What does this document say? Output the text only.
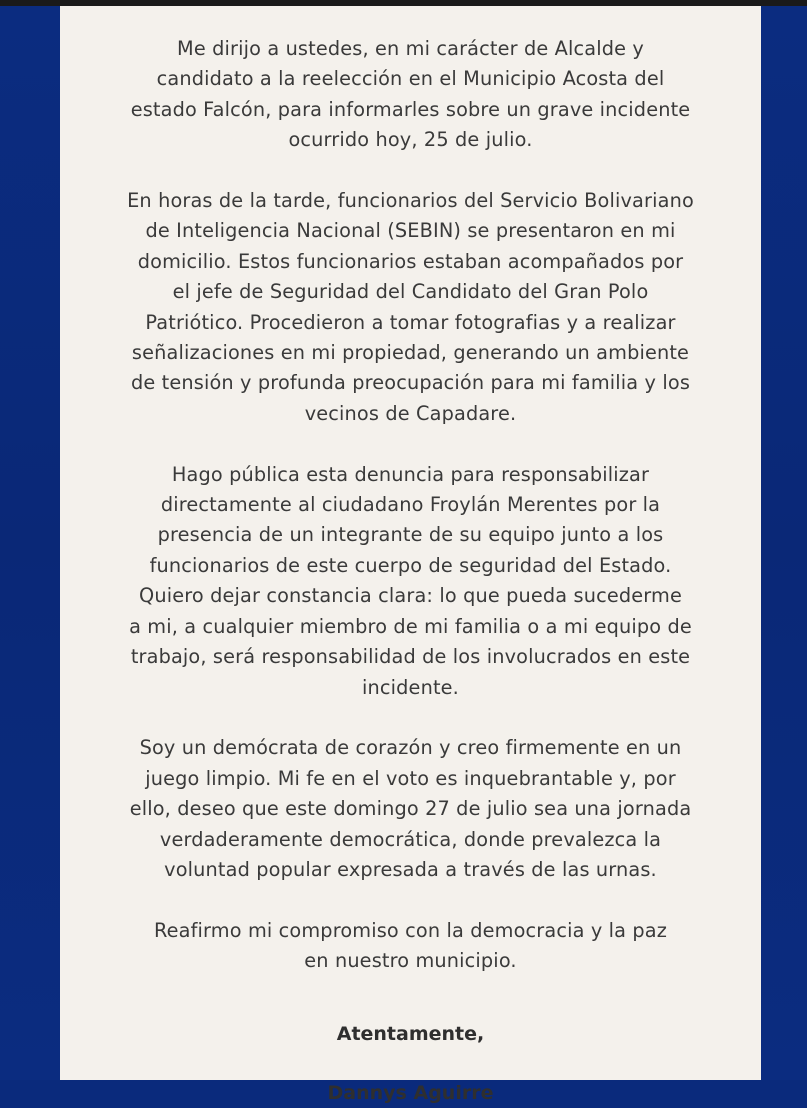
Me dirijo a ustedes, en mi carácter de Alcalde y
candidato a la reelección en el Municipio Acosta del
estado Falcón, para informarles sobre un grave incidente
ocurrido hoy, 25 de julio.

En horas de la tarde, funcionarios del Servicio Bolivariano
de Inteligencia Nacional (SEBIN) se presentaron en mi
domicilio. Estos funcionarios estaban acompañados por
el jefe de Seguridad del Candidato del Gran Polo
Patriótico. Procedieron a tomar fotografias y a realizar
señalizaciones en mi propiedad, generando un ambiente
de tensión y profunda preocupación para mi familia y los
vecinos de Capadare.

Hago pública esta denuncia para responsabilizar
directamente al ciudadano Froylán Merentes por la
presencia de un integrante de su equipo junto a los
funcionarios de este cuerpo de seguridad del Estado.
Quiero dejar constancia clara: lo que pueda sucederme
a mi, a cualquier miembro de mi familia o a mi equipo de
trabajo, será responsabilidad de los involucrados en este
incidente.

Soy un demócrata de corazón y creo firmemente en un
juego limpio. Mi fe en el voto es inquebrantable y, por
ello, deseo que este domingo 27 de julio sea una jornada
verdaderamente democrática, donde prevalezca la
voluntad popular expresada a través de las urnas.

Reafirmo mi compromiso con la democracia y la paz
en nuestro municipio.

Atentamente,
Dannys Aguirre
